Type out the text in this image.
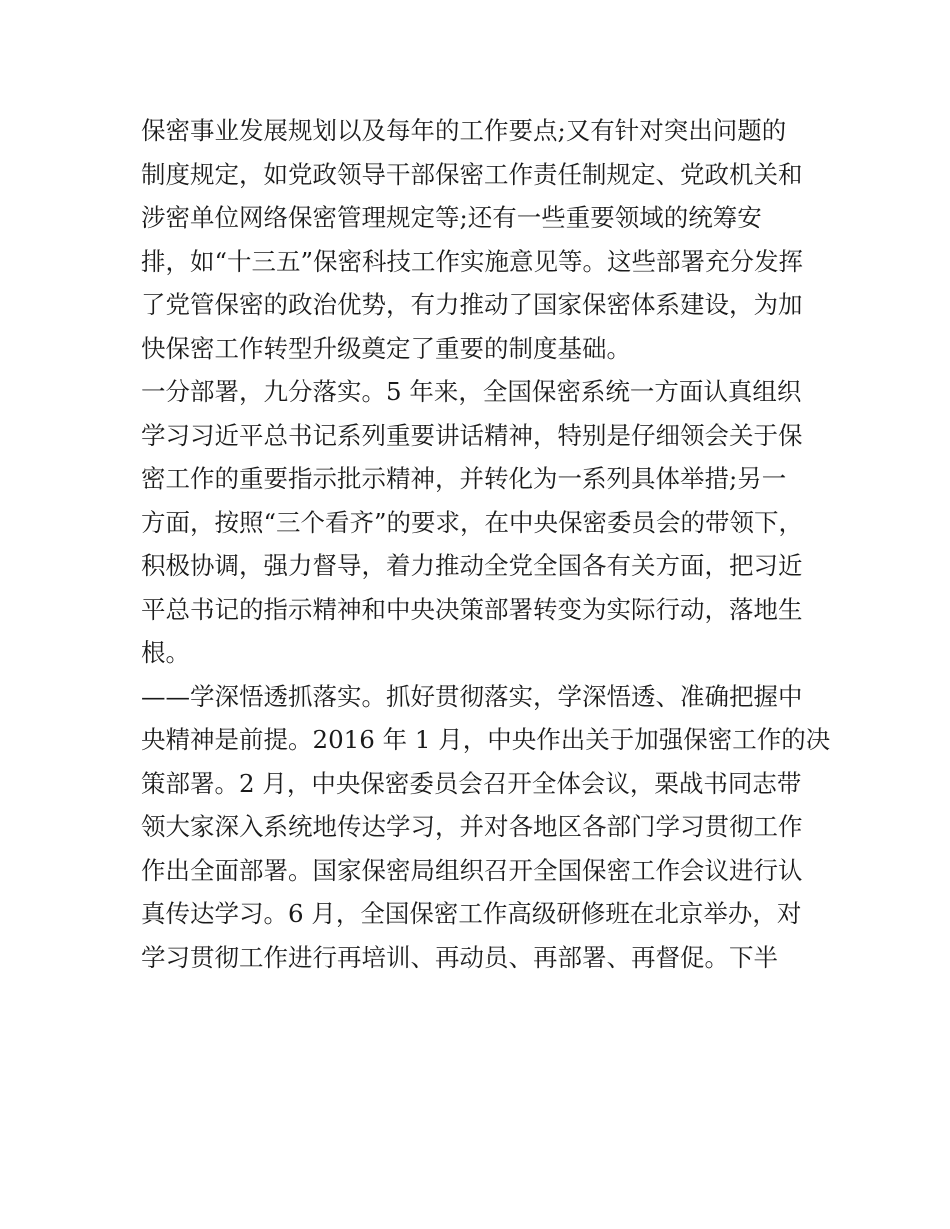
保密事业发展规划以及每年的工作要点;又有针对突出问题的
制度规定，如党政领导干部保密工作责任制规定、党政机关和
涉密单位网络保密管理规定等;还有一些重要领域的统筹安
排，如“十三五”保密科技工作实施意见等。这些部署充分发挥
了党管保密的政治优势，有力推动了国家保密体系建设，为加
快保密工作转型升级奠定了重要的制度基础。
一分部署，九分落实。5 年来，全国保密系统一方面认真组织
学习习近平总书记系列重要讲话精神，特别是仔细领会关于保
密工作的重要指示批示精神，并转化为一系列具体举措;另一
方面，按照“三个看齐”的要求，在中央保密委员会的带领下，
积极协调，强力督导，着力推动全党全国各有关方面，把习近
平总书记的指示精神和中央决策部署转变为实际行动，落地生
根。
——学深悟透抓落实。抓好贯彻落实，学深悟透、准确把握中
央精神是前提。2016 年 1 月，中央作出关于加强保密工作的决
策部署。2 月，中央保密委员会召开全体会议，栗战书同志带
领大家深入系统地传达学习，并对各地区各部门学习贯彻工作
作出全面部署。国家保密局组织召开全国保密工作会议进行认
真传达学习。6 月，全国保密工作高级研修班在北京举办，对
学习贯彻工作进行再培训、再动员、再部署、再督促。下半
